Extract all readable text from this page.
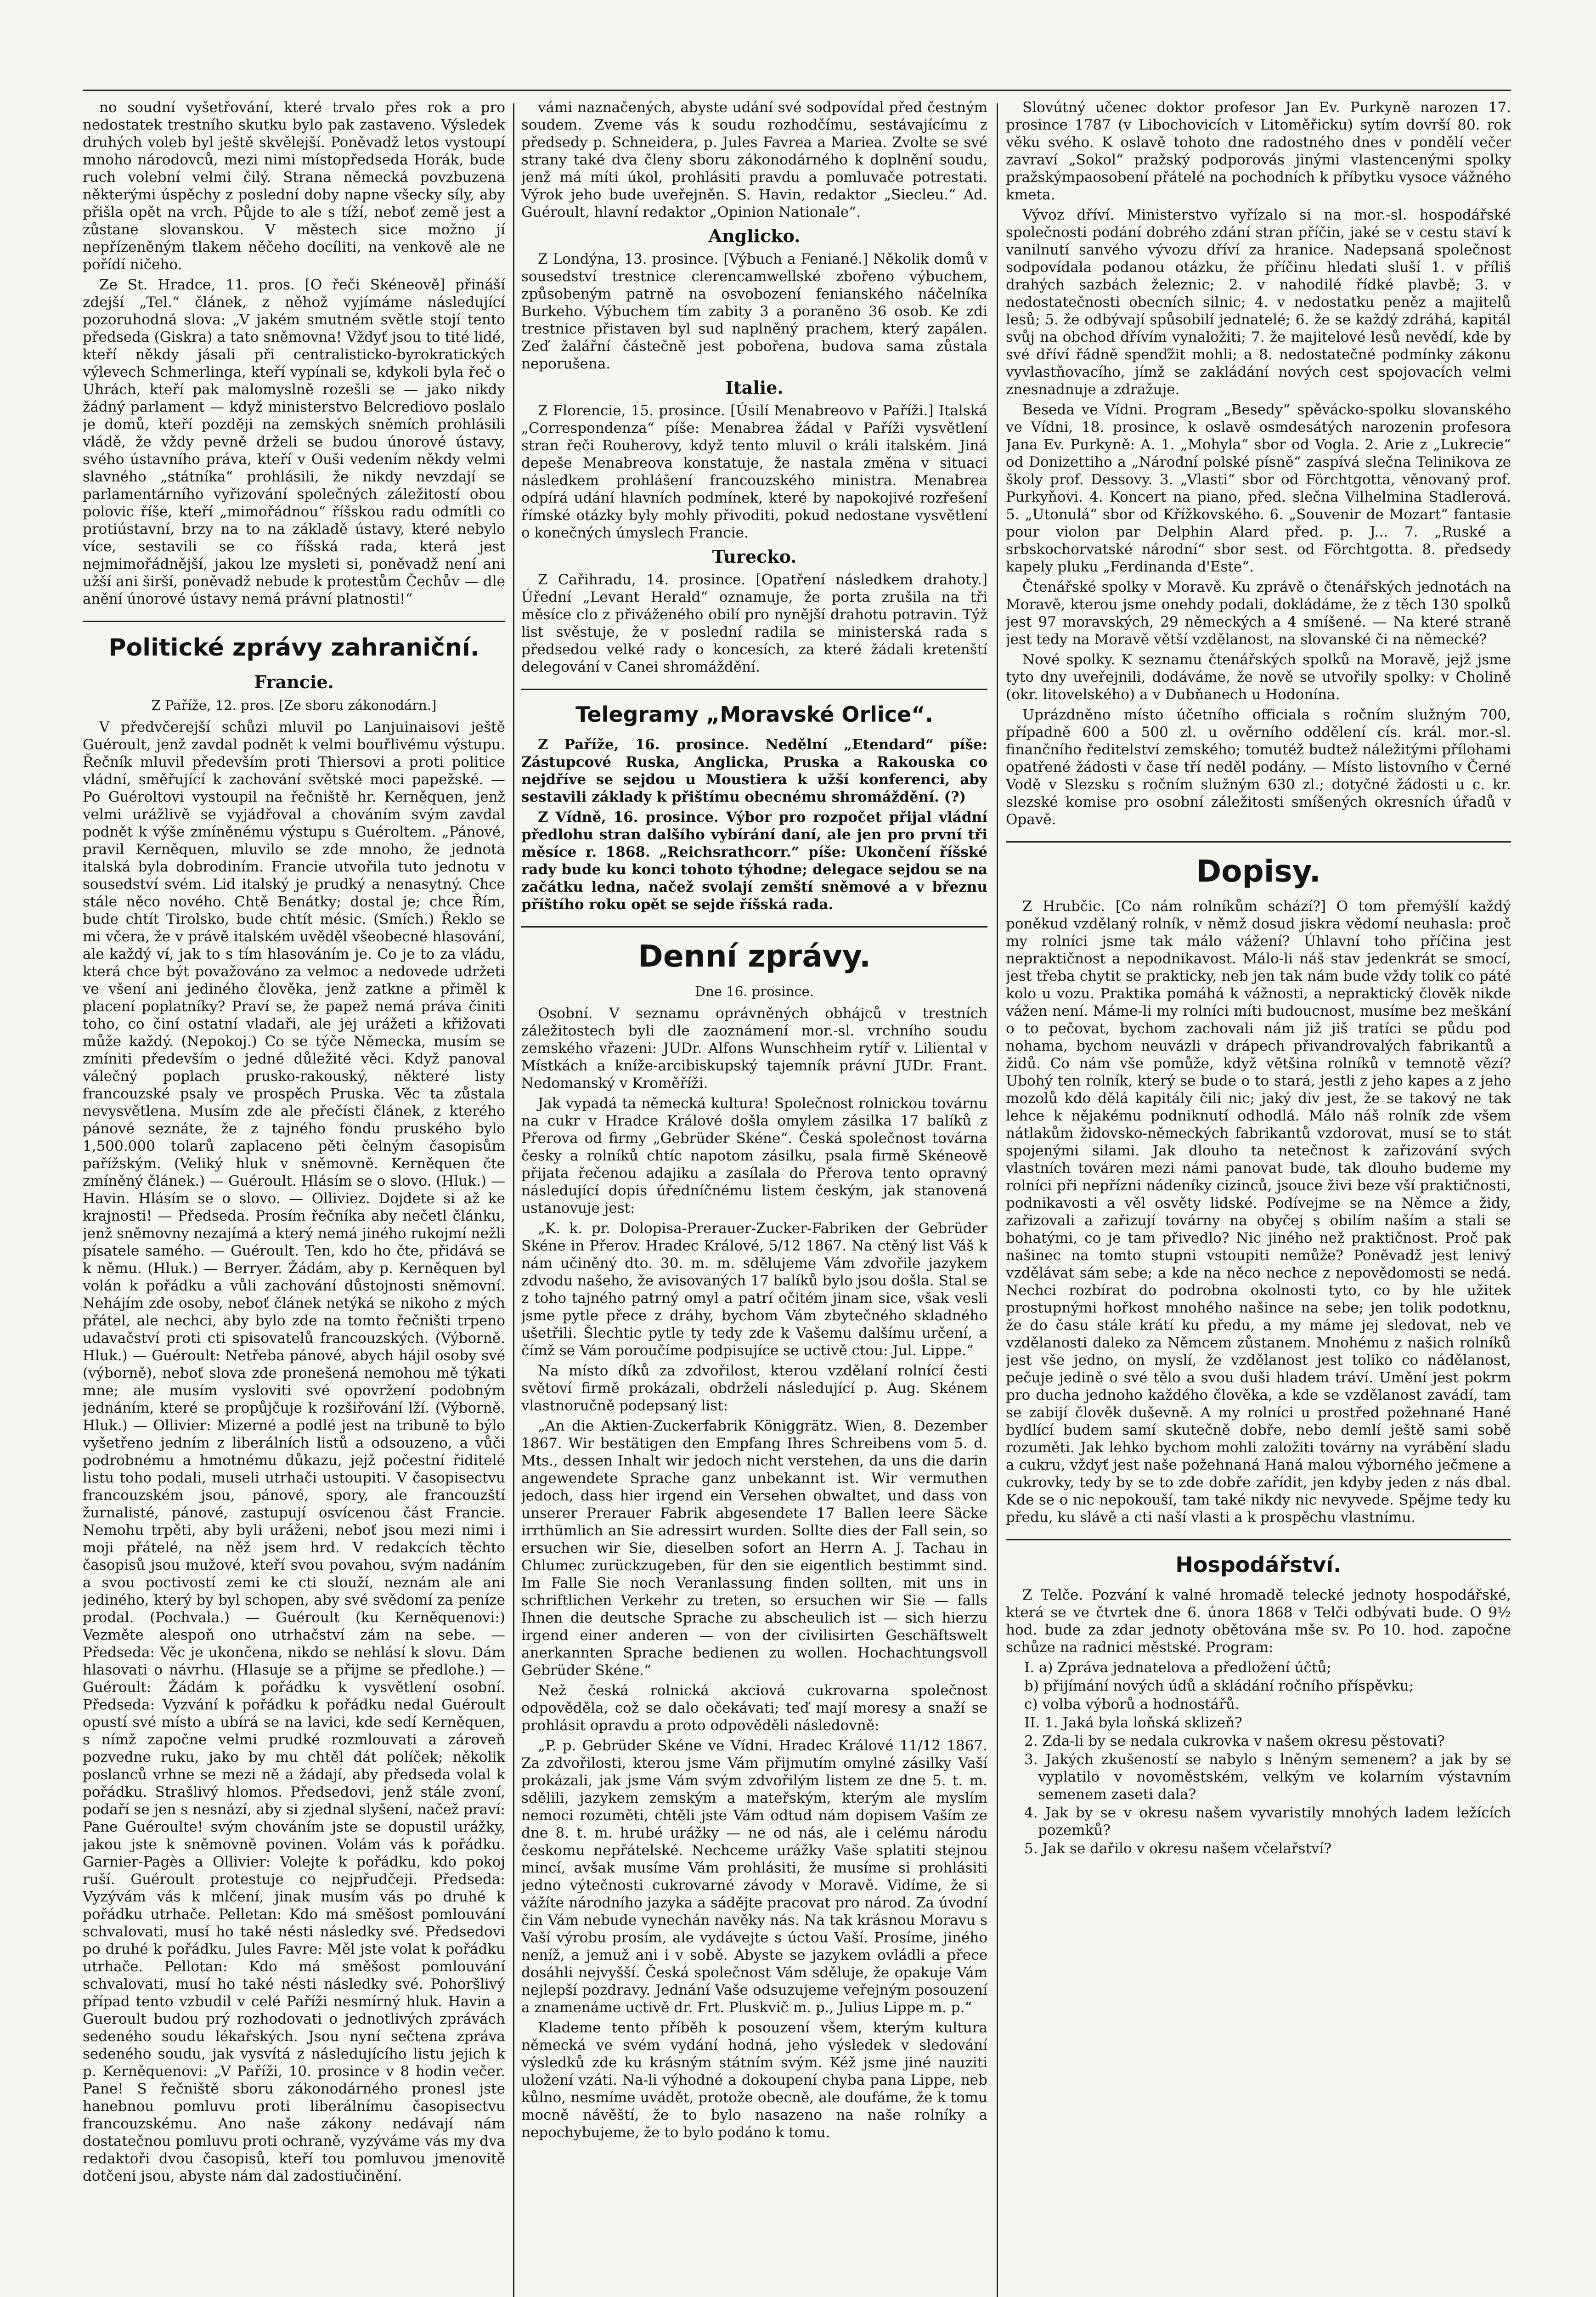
no soudní vyšetřování, které trvalo přes rok a pro nedostatek trestního skutku bylo pak zastaveno. Výsledek druhých voleb byl ještě skvělejší. Poněvadž letos vystoupí mnoho národovců, mezi nimi místopředseda Horák, bude ruch volební velmi čilý. Strana německá povzbuzena některými úspěchy z poslední doby napne všecky síly, aby přišla opět na vrch. Půjde to ale s tíží, neboť země jest a zůstane slovanskou. V městech sice možno jí nepřízeněným tlakem něčeho docíliti, na venkově ale ne pořídí ničeho.

Ze St. Hradce, 11. pros. [O řeči Skéneově] přináší zdejší „Tel.“ článek, z něhož vyjímáme následující pozoruhodná slova: „V jakém smutném světle stojí tento předseda (Giskra) a tato sněmovna! Vždyť jsou to tité lidé, kteří někdy jásali při centralisticko-byrokratických výlevech Schmerlinga, kteří vypínali se, kdykoli byla řeč o Uhrách, kteří pak malomyslně rozešli se — jako nikdy žádný parlament — když ministerstvo Belcrediovo poslalo je domů, kteří později na zemských sněmích prohlásili vládě, že vždy pevně drželi se budou únorové ústavy, svého ústavního práva, kteří v Ouši vedením někdy velmi slavného „státníka“ prohlásili, že nikdy nevzdají se parlamentárního vyřizování společných záležitostí obou polovic říše, kteří „mimořádnou“ říšskou radu odmítli co protiústavní, brzy na to na základě ústavy, které nebylo více, sestavili se co říšská rada, která jest nejmimořádnější, jakou lze mysleti si, poněvadž není ani užší ani širší, poněvadž nebude k protestům Čechův — dle anění únorové ústavy nemá právní platnosti!“

Politické zprávy zahraniční.
Francie.
Z Paříže, 12. pros. [Ze sboru zákonodárn.]

V předvčerejší schůzi mluvil po Lanjuinaisovi ještě Guéroult, jenž zavdal podnět k velmi bouřlivému výstupu. Řečník mluvil především proti Thiersovi a proti politice vládní, směřující k zachování světské moci papežské. — Po Guéroltovi vystoupil na řečniště hr. Kerněquen, jenž velmi urážlivě se vyjádřoval a chováním svým zavdal podnět k výše zmíněnému výstupu s Guéroltem. „Pánové, pravil Kerněquen, mluvilo se zde mnoho, že jednota italská byla dobrodiním. Francie utvořila tuto jednotu v sousedství svém. Lid italský je prudký a nenasytný. Chce stále něco nového. Chtě Benátky; dostal je; chce Řím, bude chtít Tirolsko, bude chtít mésic. (Smích.) Řeklo se mi včera, že v právě italském uvěděl všeobecné hlasování, ale každý ví, jak to s tím hlasováním je. Co je to za vládu, která chce být považováno za velmoc a nedovede udržeti ve všení ani jediného člověka, jenž zatkne a přiměl k placení poplatníky? Praví se, že papež nemá práva činiti toho, co činí ostatní vladaři, ale jej urážeti a křižovati může každý. (Nepokoj.) Co se týče Německa, musím se zmíniti především o jedné důležité věci. Když panoval válečný poplach prusko-rakouský, některé listy francouzské psaly ve prospěch Pruska. Věc ta zůstala nevysvětlena. Musím zde ale přečísti článek, z kterého pánové seznáte, že z tajného fondu pruského bylo 1,500.000 tolarů zaplaceno pěti čelným časopisům pařížským. (Veliký hluk v sněmovně. Kerněquen čte zmíněný článek.) — Guéroult. Hlásím se o slovo. (Hluk.) — Havin. Hlásím se o slovo. — Olliviez. Dojdete si až ke krajnosti! — Předseda. Prosím řečníka aby nečetl článku, jenž sněmovny nezajímá a který nemá jiného rukojmí nežli písatele samého. — Guéroult. Ten, kdo ho čte, přidává se k němu. (Hluk.) — Berryer. Žádám, aby p. Kerněquen byl volán k pořádku a vůli zachování důstojnosti sněmovní. Nehájím zde osoby, neboť článek netýká se nikoho z mých přátel, ale nechci, aby bylo zde na tomto řečništi trpeno udavačství proti cti spisovatelů francouzských. (Výborně. Hluk.) — Guéroult: Netřeba pánové, abych hájil osoby své (výborně), neboť slova zde pronešená nemohou mě týkati mne; ale musím vysloviti své opovržení podobným jednáním, které se propůjčuje k rozšiřování lží. (Výborně. Hluk.) — Ollivier: Mizerné a podlé jest na tribuně to býlo vyšetřeno jedním z liberálních listů a odsouzeno, a vůči podrobnému a hmotnému důkazu, jejž počestní řiditelé listu toho podali, museli utrhači ustoupiti. V časopisectvu francouzském jsou, pánové, spory, ale francouzští žurnalisté, pánové, zastupují osvícenou část Francie. Nemohu trpěti, aby byli uráženi, neboť jsou mezi nimi i moji přátelé, na něž jsem hrd. V redakcích těchto časopisů jsou mužové, kteří svou povahou, svým nadáním a svou poctivostí zemi ke cti slouží, neznám ale ani jediného, který by byl schopen, aby své svědomí za peníze prodal. (Pochvala.) — Guéroult (ku Kerněquenovi:) Vezměte alespoň ono utrhačství zám na sebe. — Předseda: Věc je ukončena, nikdo se nehlásí k slovu. Dám hlasovati o návrhu. (Hlasuje se a přijme se předlohe.) — Guéroult: Žádám k pořádku k vysvětlení osobní. Předseda: Vyzvání k pořádku k pořádku nedal Guéroult opustí své místo a ubírá se na lavici, kde sedí Kerněquen, s nímž započne velmi prudké rozmlouvati a zároveň pozvedne ruku, jako by mu chtěl dát políček; několik poslanců vrhne se mezi ně a žádají, aby předseda volal k pořádku. Strašlivý hlomos. Předsedovi, jenž stále zvoní, podaří se jen s nesnází, aby si zjednal slyšení, načež praví: Pane Guéroulte! svým chováním jste se dopustil urážky, jakou jste k sněmovně povinen. Volám vás k pořádku. Garnier-Pagès a Ollivier: Volejte k pořádku, kdo pokoj ruší. Guéroult protestuje co nejpřudčeji. Předseda: Vyzývám vás k mlčení, jinak musím vás po druhé k pořádku utrhače. Pelletan: Kdo má směšost pomlouvání schvalovati, musí ho také nésti následky své. Předsedovi po druhé k pořádku. Jules Favre: Měl jste volat k pořádku utrhače. Pellotan: Kdo má směšost pomlouvání schvalovati, musí ho také nésti následky své. Pohoršlivý případ tento vzbudil v celé Paříži nesmírný hluk. Havin a Gueroult budou prý rozhodovati o jednotlivých zprávách sedeného soudu lékařských. Jsou nyní sečtena zpráva sedeného soudu, jak vysvítá z následujícího listu jejich k p. Kerněquenovi: „V Paříži, 10. prosince v 8 hodin večer. Pane! S řečniště sboru zákonodárného pronesl jste hanebnou pomluvu proti liberálnímu časopisectvu francouzskému. Ano naše zákony nedávají nám dostatečnou pomluvu proti ochraně, vyzýváme vás my dva redaktoři dvou časopisů, kteří tou pomluvou jmenovitě dotčeni jsou, abyste nám dal zadostiučinění.

vámi naznačených, abyste udání své sodpovídal před čestným soudem. Zveme vás k soudu rozhodčímu, sestávajícímu z předsedy p. Schneidera, p. Jules Favrea a Mariea. Zvolte se své strany také dva členy sboru zákonodárného k doplnění soudu, jenž má míti úkol, prohlásiti pravdu a pomluvače potrestati. Výrok jeho bude uveřejněn. S. Havin, redaktor „Siecleu.“ Ad. Guéroult, hlavní redaktor „Opinion Nationale“.

Anglicko.

Z Londýna, 13. prosince. [Výbuch a Feniané.] Několik domů v sousedství trestnice clerencamwellské zbořeno výbuchem, způsobeným patrně na osvobození fenianského náčelníka Burkeho. Výbuchem tím zabity 3 a poraněno 36 osob. Ke zdi trestnice přistaven byl sud naplněný prachem, který zapálen. Zeď žalářní částečně jest pobořena, budova sama zůstala neporušena.

Italie.

Z Florencie, 15. prosince. [Úsilí Menabreovo v Paříži.] Italská „Correspondenza“ píše: Menabrea žádal v Paříži vysvětlení stran řeči Rouherovy, když tento mluvil o králi italském. Jiná depeše Menabreova konstatuje, že nastala změna v situaci následkem prohlášení francouzského ministra. Menabrea odpírá udání hlavních podmínek, které by napokojivé rozřešení římské otázky byly mohly přivoditi, pokud nedostane vysvětlení o konečných úmyslech Francie.

Turecko.

Z Cařihradu, 14. prosince. [Opatření následkem drahoty.] Úřední „Levant Herald“ oznamuje, že porta zrušila na tři měsíce clo z přiváženého obilí pro nynější drahotu potravin. Týž list svěstuje, že v poslední radila se ministerská rada s předsedou velké rady o koncesích, za které žádali kretenští delegování v Canei shromáždění.

Telegramy „Moravské Orlice“.

Z Paříže, 16. prosince. Nedělní „Etendard“ píše: Zástupcové Ruska, Anglicka, Pruska a Rakouska co nejdříve se sejdou u Moustiera k užší konferenci, aby sestavili základy k přištímu obecnému shromáždění. (?)

Z Vídně, 16. prosince. Výbor pro rozpočet přijal vládní předlohu stran dalšího vybírání daní, ale jen pro první tři měsíce r. 1868. „Reichsrathcorr.“ píše: Ukončení říšské rady bude ku konci tohoto týhodne; delegace sejdou se na začátku ledna, načež svolají zemští sněmové a v březnu příštího roku opět se sejde říšská rada.

Denní zprávy.
Dne 16. prosince.

Osobní. V seznamu oprávněných obhájců v trestních záležitostech byli dle zaoznámení mor.-sl. vrchního soudu zemského vřazeni: JUDr. Alfons Wunschheim rytíř v. Liliental v Místkách a kníže-arcibiskupský tajemník právní JUDr. Frant. Nedomanský v Kroměříži.

Jak vypadá ta německá kultura! Společnost rolnickou továrnu na cukr v Hradce Králové došla omylem zásilka 17 balíků z Přerova od firmy „Gebrüder Skéne“. Česká společnost továrna česky a rolníků chtíc napotom zásilku, psala firmě Skéneově přijata řečenou adajiku a zasílala do Přerova tento opravný následující dopis úředníčnému listem českým, jak stanovená ustanovuje jest:

„K. k. pr. Dolopisa-Prerauer-Zucker-Fabriken der Gebrüder Skéne in Přerov. Hradec Králové, 5/12 1867. Na ctěný list Váš k nám učiněný dto. 30. m. m. sdělujeme Vám zdvořile jazykem zdvodu našeho, že avisovaných 17 balíků bylo jsou došla. Stal se z toho tajného patrný omyl a patrí očitém jinam sice, však vesli jsme pytle přece z dráhy, bychom Vám zbytečného skladného ušetřili. Šlechtic pytle ty tedy zde k Vašemu dalšímu určení, a čímž se Vám poroučíme podpisujíce se uctivě ctou: Jul. Lippe.“

Na místo díků za zdvořilost, kterou vzdělaní rolnící česti světoví firmě prokázali, obdrželi následující p. Aug. Skénem vlastnoručně podepsaný list:

„An die Aktien-Zuckerfabrik Königgrätz. Wien, 8. Dezember 1867. Wir bestätigen den Empfang Ihres Schreibens vom 5. d. Mts., dessen Inhalt wir jedoch nicht verstehen, da uns die darin angewendete Sprache ganz unbekannt ist. Wir vermuthen jedoch, dass hier irgend ein Versehen obwaltet, und dass von unserer Prerauer Fabrik abgesendete 17 Ballen leere Säcke irrthümlich an Sie adressirt wurden. Sollte dies der Fall sein, so ersuchen wir Sie, dieselben sofort an Herrn A. J. Tachau in Chlumec zurückzugeben, für den sie eigentlich bestimmt sind. Im Falle Sie noch Veranlassung finden sollten, mit uns in schriftlichen Verkehr zu treten, so ersuchen wir Sie — falls Ihnen die deutsche Sprache zu abscheulich ist — sich hierzu irgend einer anderen — von der civilisirten Geschäftswelt anerkannten Sprache bedienen zu wollen. Hochachtungsvoll Gebrüder Skéne.“

Než česká rolnická akciová cukrovarna společnost odpověděla, což se dalo očekávati; teď mají moresy a snaží se prohlásit opravdu a proto odpověděli následovně:

„P. p. Gebrüder Skéne ve Vídni. Hradec Králové 11/12 1867. Za zdvořilosti, kterou jsme Vám přijmutím omylné zásilky Vaší prokázali, jak jsme Vám svým zdvořilým listem ze dne 5. t. m. sdělili, jazykem zemským a mateřským, kterým ale myslím nemoci rozuměti, chtěli jste Vám odtud nám dopisem Vaším ze dne 8. t. m. hrubé urážky — ne od nás, ale i celému národu českomu nepřátelské. Nechceme urážky Vaše splatiti stejnou mincí, avšak musíme Vám prohlásiti, že musíme si prohlásiti jedno výtečnosti cukrovarné závody v Moravě. Vidíme, že si vážíte národního jazyka a sádějte pracovat pro národ. Za úvodní čin Vám nebude vynechán navěky nás. Na tak krásnou Moravu s Vaší výrobu prosím, ale vydávejte s úctou Vaší. Prosíme, jiného neníž, a jemuž ani i v sobě. Abyste se jazykem ovládli a přece dosáhli nejvyšší. Česká společnost Vám sděluje, že opakuje Vám nejlepší pozdravy. Jednání Vaše odsuzujeme veřejným posouzení a znamenáme uctivě dr. Frt. Pluskvič m. p., Julius Lippe m. p.“

Klademe tento příběh k posouzení všem, kterým kultura německá ve svém vydání hodná, jeho výsledek v sledování výsledků zde ku krásným státním svým. Kéž jsme jiné nauziti uložení vzáti. Na-li výhodné a dokoupení chyba pana Lippe, neb kůlno, nesmíme uvádět, protože obecně, ale doufáme, že k tomu mocně návěští, že to bylo nasazeno na naše rolníky a nepochybujeme, že to bylo podáno k tomu.

Slovútný učenec doktor profesor Jan Ev. Purkyně narozen 17. prosince 1787 (v Libochovicích v Litoměřicku) sytím dovrší 80. rok věku svého. K oslavě tohoto dne radostného dnes v pondělí večer zavraví „Sokol“ pražský podporovás jinými vlastencenými spolky pražskýmpaosobení přátelé na pochodních k příbytku vysoce vážného kmeta.

Vývoz dříví. Ministerstvo vyřízalo si na mor.-sl. hospodářské společnosti podání dobrého zdání stran příčin, jaké se v cestu staví k vanilnutí sanvého vývozu dříví za hranice. Nadepsaná společnost sodpovídala podanou otázku, že příčinu hledati sluší 1. v příliš drahých sazbách železnic; 2. v nahodilé řídké plavbě; 3. v nedostatečnosti obecních silnic; 4. v nedostatku peněz a majitelů lesů; 5. že odbývají spůsobilí jednatelé; 6. že se každý zdráhá, kapitál svůj na obchod dřívím vynaložiti; 7. že majitelové lesů nevědí, kde by své dříví řádně spenďžit mohli; a 8. nedostatečné podmínky zákonu vyvlastňovacího, jímž se zakládání nových cest spojovacích velmi znesnadnuje a zdražuje.

Beseda ve Vídni. Program „Besedy“ spěvácko-spolku slovanského ve Vídni, 18. prosince, k oslavě osmdesátých narozenin profesora Jana Ev. Purkyně: A. 1. „Mohyla“ sbor od Vogla. 2. Arie z „Lukrecie“ od Donizettiho a „Národní polské písně“ zaspívá slečna Telinikova ze školy prof. Dessovy. 3. „Vlasti“ sbor od Förchtgotta, věnovaný prof. Purkyňovi. 4. Koncert na piano, před. slečna Vilhelmina Stadlerová. 5. „Utonulá“ sbor od Křížkovského. 6. „Souvenir de Mozart“ fantasie pour violon par Delphin Alard před. p. J... 7. „Ruské a srbskochorvatské národní“ sbor sest. od Förchtgotta. 8. předsedy kapely pluku „Ferdinanda d'Este“.

Čtenářské spolky v Moravě. Ku zprávě o čtenářských jednotách na Moravě, kterou jsme onehdy podali, dokládáme, že z těch 130 spolků jest 97 moravských, 29 německých a 4 smíšené. — Na které straně jest tedy na Moravě větší vzdělanost, na slovanské či na německé?

Nové spolky. K seznamu čtenářských spolků na Moravě, jejž jsme tyto dny uveřejnili, dodáváme, že nově se utvořily spolky: v Cholině (okr. litovelského) a v Dubňanech u Hodonína.

Uprázdněno místo účetního officiala s ročním služným 700, případně 600 a 500 zl. u ověrního oddělení cís. král. mor.-sl. finančního ředitelství zemského; tomutéž budtež náležitými přílohami opatřené žádosti v čase tří neděl podány. — Místo listovního v Černé Vodě v Slezsku s ročním služným 630 zl.; dotyčné žádosti u c. kr. slezské komise pro osobní záležitosti smíšených okresních úřadů v Opavě.

Dopisy.

Z Hrubčic. [Co nám rolníkům schází?] O tom přemýšlí každý poněkud vzdělaný rolník, v němž dosud jiskra vědomí neuhasla: proč my rolníci jsme tak málo vážení? Úhlavní toho příčina jest nepraktičnost a nepodnikavost. Málo-li náš stav jedenkrát se smocí, jest třeba chytit se prakticky, neb jen tak nám bude vždy tolik co páté kolo u vozu. Praktika pomáhá k vážnosti, a nepraktický člověk nikde vážen není. Máme-li my rolníci míti budoucnost, musíme bez meškání o to pečovat, bychom zachovali nám již jiš tratíci se půdu pod nohama, bychom neuvázli v drápech přivandrovalých fabrikantů a židů. Co nám vše pomůže, když většina rolníků v temnotě vězí? Ubohý ten rolník, který se bude o to stará, jestli z jeho kapes a z jeho mozolů kdo dělá kapitály čili nic; jaký div jest, že se takový ne tak lehce k nějakému podniknutí odhodlá. Málo náš rolník zde všem nátlakům židovsko-německých fabrikantů vzdorovat, musí se to stát spojenými silami. Jak dlouho ta netečnost k zařizování svých vlastních továren mezi námi panovat bude, tak dlouho budeme my rolníci při nepřízni nádeníky cizinců, jsouce živi beze vší praktičnosti, podnikavosti a věl osvěty lidské. Podívejme se na Němce a židy, zařizovali a zařizují továrny na obyčej s obilím naším a stali se bohatými, co je tam přivedlo? Nic jiného než praktičnost. Proč pak našinec na tomto stupni vstoupiti nemůže? Poněvadž jest lenivý vzdělávat sám sebe; a kde na něco nechce z nepovědomosti se nedá. Nechci rozbírat do podrobna okolnosti tyto, co by hle užitek prostupnými hořkost mnohého našince na sebe; jen tolik podotknu, že do času stále krátí ku předu, a my máme jej sledovat, neb ve vzdělanosti daleko za Němcem zůstanem. Mnohému z našich rolníků jest vše jedno, on myslí, že vzdělanost jest toliko co nádělanost, pečuje jedině o své tělo a svou duši hladem tráví. Umění jest pokrm pro ducha jednoho každého člověka, a kde se vzdělanost zavádí, tam se zabijí člověk duševně. A my rolníci u prostřed požehnané Hané bydlící budem samí skutečně dobře, nebo demlí ještě sami sobě rozuměti. Jak lehko bychom mohli založiti továrny na vyrábění sladu a cukru, vždyť jest naše požehnaná Haná malou výborného ječmene a cukrovky, tedy by se to zde dobře zařídit, jen kdyby jeden z nás dbal. Kde se o nic nepokouší, tam také nikdy nic nevyvede. Spějme tedy ku předu, ku slávě a cti naší vlasti a k prospěchu vlastnímu.

Hospodářství.

Z Telče. Pozvání k valné hromadě telecké jednoty hospodářské, která se ve čtvrtek dne 6. února 1868 v Telči odbývati bude. O 9½ hod. bude za zdar jednoty obětována mše sv. Po 10. hod. započne schůze na radnici městské. Program:

I. a) Zpráva jednatelova a předložení účtů;
b) přijímání nových údů a skládání ročního příspěvku;
c) volba výborů a hodnostářů.
II. 1. Jaká byla loňská sklizeň?
2. Zda-li by se nedala cukrovka v našem okresu pěstovati?
3. Jakých zkušeností se nabylo s lněným semenem? a jak by se vyplatilo v novoměstském, velkým ve kolarním výstavním semenem zaseti dala?
4. Jak by se v okresu našem vyvaristily mnohých ladem ležících pozemků?
5. Jak se dařilo v okresu našem včelařství?
